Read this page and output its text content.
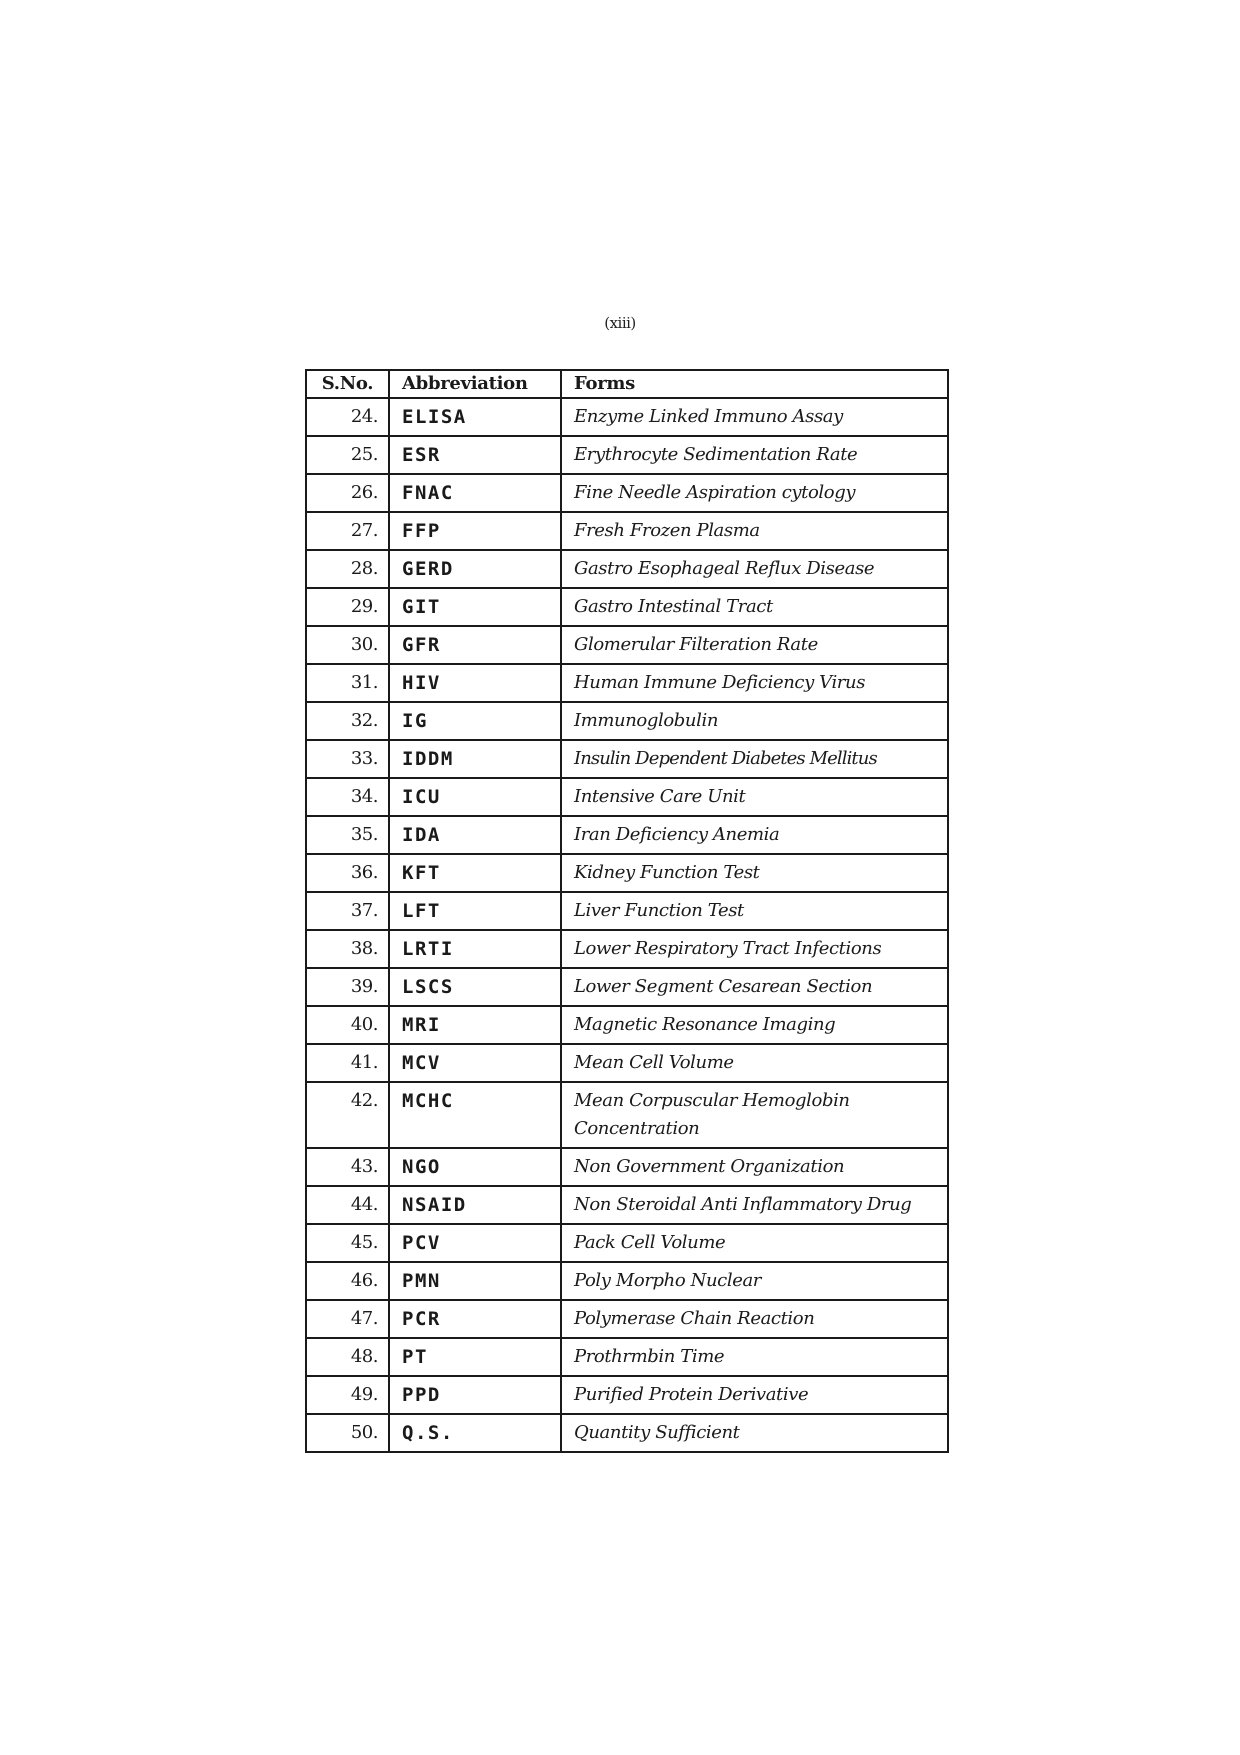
(xiii)
S.No.	Abbreviation	Forms
24.	ELISA	Enzyme Linked Immuno Assay
25.	ESR	Erythrocyte Sedimentation Rate
26.	FNAC	Fine Needle Aspiration cytology
27.	FFP	Fresh Frozen Plasma
28.	GERD	Gastro Esophageal Reflux Disease
29.	GIT	Gastro Intestinal Tract
30.	GFR	Glomerular Filteration Rate
31.	HIV	Human Immune Deficiency Virus
32.	IG	Immunoglobulin
33.	IDDM	Insulin Dependent Diabetes Mellitus
34.	ICU	Intensive Care Unit
35.	IDA	Iran Deficiency Anemia
36.	KFT	Kidney Function Test
37.	LFT	Liver Function Test
38.	LRTI	Lower Respiratory Tract Infections
39.	LSCS	Lower Segment Cesarean Section
40.	MRI	Magnetic Resonance Imaging
41.	MCV	Mean Cell Volume
42.	MCHC	Mean Corpuscular Hemoglobin Concentration
43.	NGO	Non Government Organization
44.	NSAID	Non Steroidal Anti Inflammatory Drug
45.	PCV	Pack Cell Volume
46.	PMN	Poly Morpho Nuclear
47.	PCR	Polymerase Chain Reaction
48.	PT	Prothrmbin Time
49.	PPD	Purified Protein Derivative
50.	Q.S.	Quantity Sufficient
